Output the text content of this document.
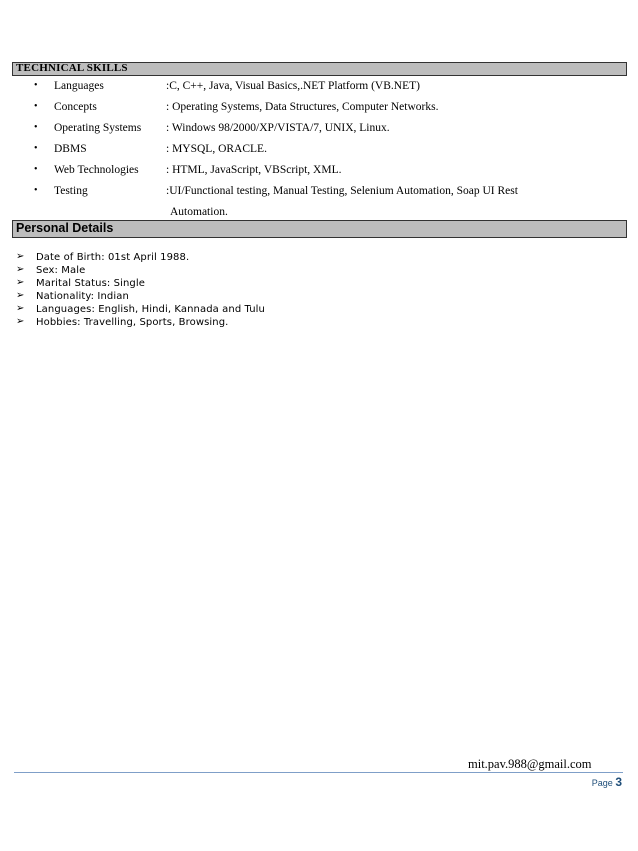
TECHNICAL SKILLS
• Languages	:C, C++, Java, Visual Basics,.NET Platform (VB.NET)
• Concepts	: Operating Systems, Data Structures, Computer Networks.
• Operating Systems : Windows 98/2000/XP/VISTA/7, UNIX, Linux.
• DBMS	: MYSQL, ORACLE.
• Web Technologies : HTML, JavaScript, VBScript, XML.
• Testing	:UI/Functional testing, Manual Testing, Selenium Automation, Soap UI Rest
Automation.
Personal Details
➢ Date of Birth: 01st April 1988.
➢ Sex: Male
➢ Marital Status: Single
➢ Nationality: Indian
➢ Languages: English, Hindi, Kannada and Tulu
➢ Hobbies: Travelling, Sports, Browsing.
mit.pav.988@gmail.com
Page 3
